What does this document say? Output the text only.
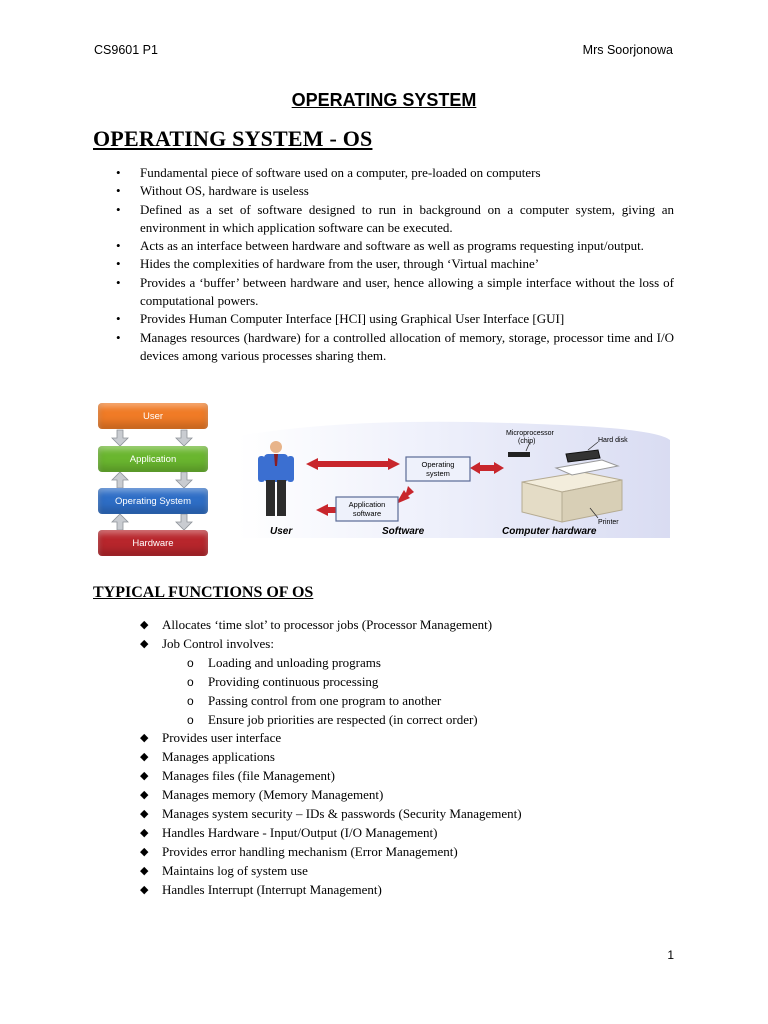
CS9601 P1	Mrs Soorjonowa
OPERATING SYSTEM
OPERATING SYSTEM - OS
• Fundamental piece of software used on a computer, pre-loaded on computers
• Without OS, hardware is useless
• Defined as a set of software designed to run in background on a computer system, giving an environment in which application software can be executed.
• Acts as an interface between hardware and software as well as programs requesting input/output.
• Hides the complexities of hardware from the user, through ‘Virtual machine’
• Provides a ‘buffer’ between hardware and user, hence allowing a simple interface without the loss of computational powers.
• Provides Human Computer Interface [HCI] using Graphical User Interface [GUI]
• Manages resources (hardware) for a controlled allocation of memory, storage, processor time and I/O devices among various processes sharing them.
User
Application
Operating System
Hardware
Operating
system
Application
software
Microprocessor
(chip)	Hard disk
Printer
User	Software	Computer hardware
TYPICAL FUNCTIONS OF OS
◆ Allocates ‘time slot’ to processor jobs (Processor Management)
◆ Job Control involves:
o Loading and unloading programs
o Providing continuous processing
o Passing control from one program to another
o Ensure job priorities are respected (in correct order)
◆ Provides user interface
◆ Manages applications
◆ Manages files (file Management)
◆ Manages memory (Memory Management)
◆ Manages system security – IDs & passwords (Security Management)
◆ Handles Hardware - Input/Output (I/O Management)
◆ Provides error handling mechanism (Error Management)
◆ Maintains log of system use
◆ Handles Interrupt (Interrupt Management)
1
